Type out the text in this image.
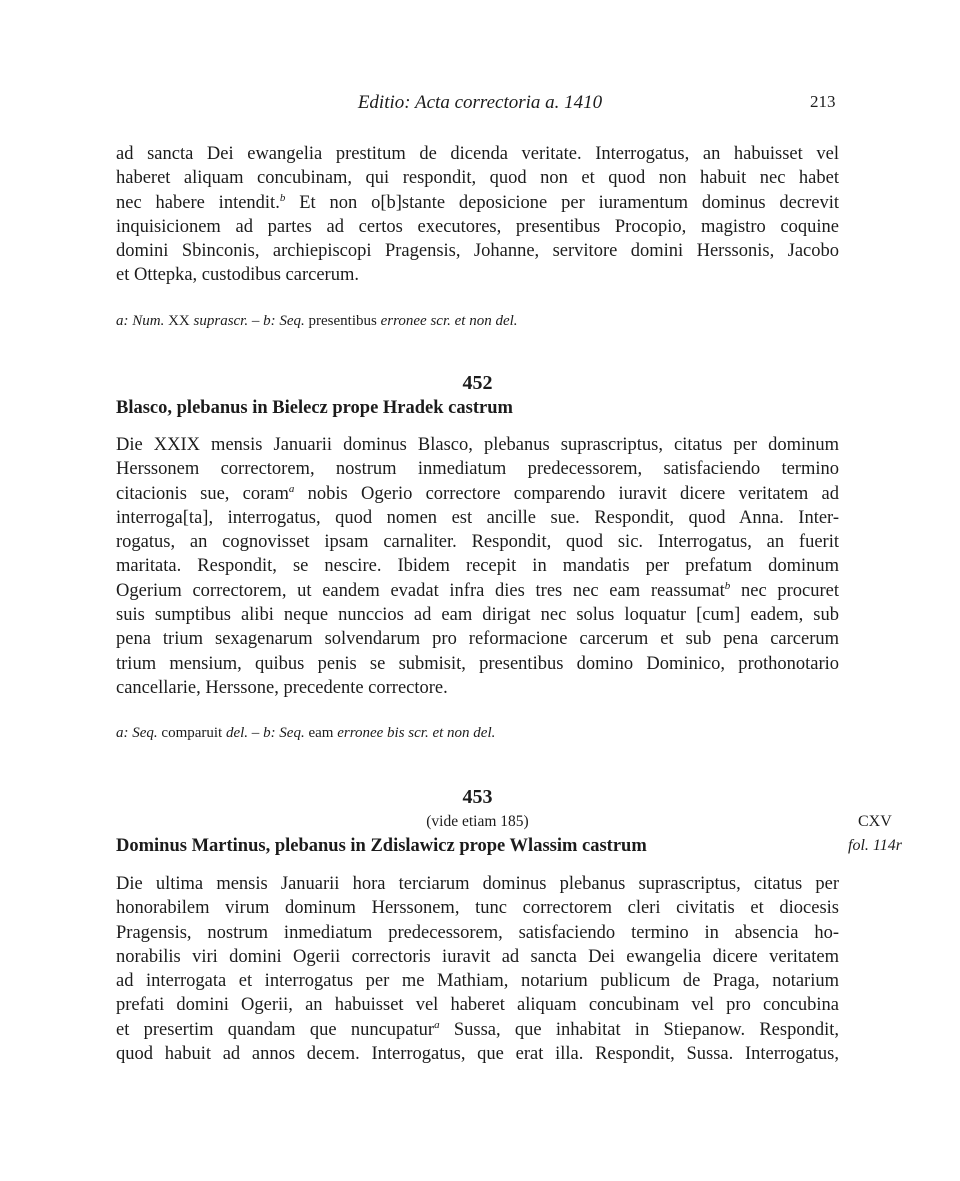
Editio: Acta correctoria a. 1410	213
ad sancta Dei ewangelia prestitum de dicenda veritate. Interrogatus, an habuisset vel
haberet aliquam concubinam, qui respondit, quod non et quod non habuit nec habet
nec habere intendit.$^b$ Et non o[b]stante deposicione per iuramentum dominus decrevit
inquisicionem ad partes ad certos executores, presentibus Procopio, magistro coquine
domini Sbinconis, archiepiscopi Pragensis, Johanne, servitore domini Herssonis, Jacobo
et Ottepka, custodibus carcerum.
a: Num. XX suprascr. – b: Seq. presentibus erronee scr. et non del.
452
Blasco, plebanus in Bielecz prope Hradek castrum
Die XXIX mensis Januarii dominus Blasco, plebanus suprascriptus, citatus per dominum
Herssonem correctorem, nostrum inmediatum predecessorem, satisfaciendo termino
citacionis sue, coram$^a$ nobis Ogerio correctore comparendo iuravit dicere veritatem ad
interroga[ta], interrogatus, quod nomen est ancille sue. Respondit, quod Anna. Inter-
rogatus, an cognovisset ipsam carnaliter. Respondit, quod sic. Interrogatus, an fuerit
maritata. Respondit, se nescire. Ibidem recepit in mandatis per prefatum dominum
Ogerium correctorem, ut eandem evadat infra dies tres nec eam reassumat$^b$ nec procuret
suis sumptibus alibi neque nunccios ad eam dirigat nec solus loquatur [cum] eadem, sub
pena trium sexagenarum solvendarum pro reformacione carcerum et sub pena carcerum
trium mensium, quibus penis se submisit, presentibus domino Dominico, prothonotario
cancellarie, Herssone, precedente correctore.
a: Seq. comparuit del. – b: Seq. eam erronee bis scr. et non del.
453
(vide etiam 185)	CXV
Dominus Martinus, plebanus in Zdislawicz prope Wlassim castrum	fol. 114r
Die ultima mensis Januarii hora terciarum dominus plebanus suprascriptus, citatus per
honorabilem virum dominum Herssonem, tunc correctorem cleri civitatis et diocesis
Pragensis, nostrum inmediatum predecessorem, satisfaciendo termino in absencia ho-
norabilis viri domini Ogerii correctoris iuravit ad sancta Dei ewangelia dicere veritatem
ad interrogata et interrogatus per me Mathiam, notarium publicum de Praga, notarium
prefati domini Ogerii, an habuisset vel haberet aliquam concubinam vel pro concubina
et presertim quandam que nuncupatur$^a$ Sussa, que inhabitat in Stiepanow. Respondit,
quod habuit ad annos decem. Interrogatus, que erat illa. Respondit, Sussa. Interrogatus,
